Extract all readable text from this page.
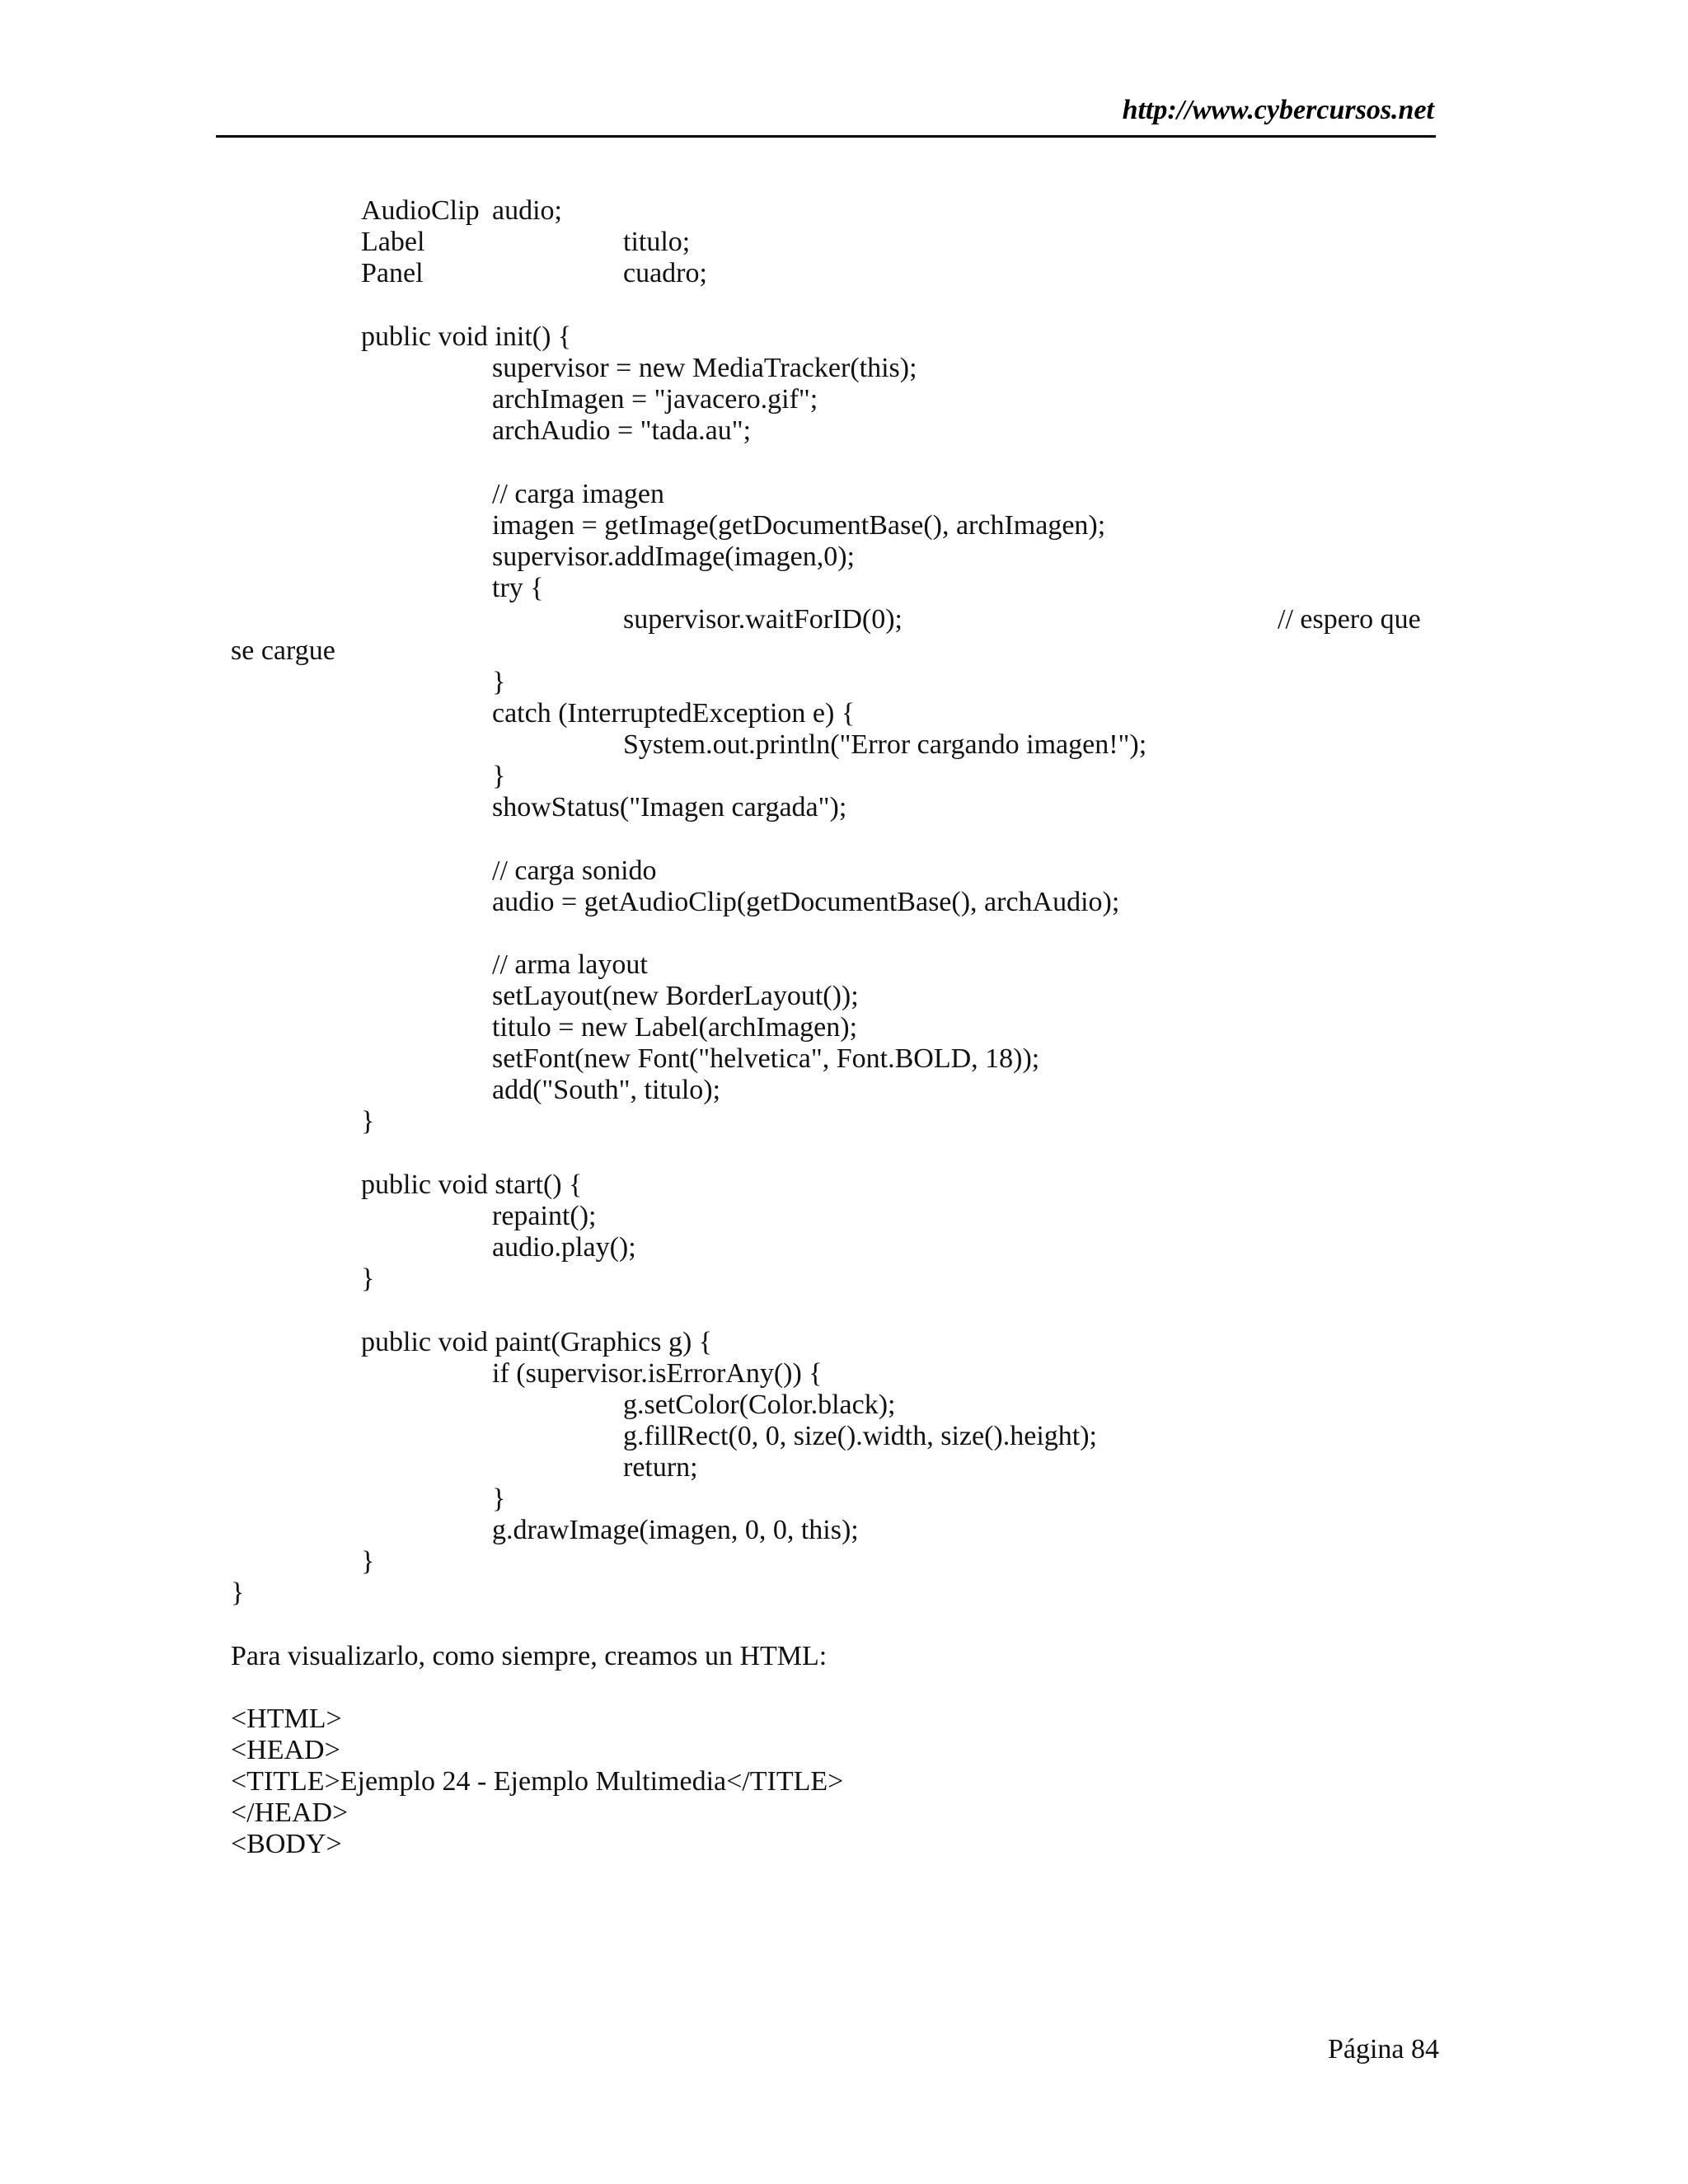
http://www.cybercursos.net
AudioClip audio;
Label	titulo;
Panel	cuadro;
public void init() {
supervisor = new MediaTracker(this);
archImagen = "javacero.gif";
archAudio = "tada.au";
// carga imagen
imagen = getImage(getDocumentBase(), archImagen);
supervisor.addImage(imagen,0);
try {
supervisor.waitForID(0);	// espero que
se cargue
}
catch (InterruptedException e) {
System.out.println("Error cargando imagen!");
}
showStatus("Imagen cargada");
// carga sonido
audio = getAudioClip(getDocumentBase(), archAudio);
// arma layout
setLayout(new BorderLayout());
titulo = new Label(archImagen);
setFont(new Font("helvetica", Font.BOLD, 18));
add("South", titulo);
}
public void start() {
repaint();
audio.play();
}
public void paint(Graphics g) {
if (supervisor.isErrorAny()) {
g.setColor(Color.black);
g.fillRect(0, 0, size().width, size().height);
return;
}
g.drawImage(imagen, 0, 0, this);
}
}
Para visualizarlo, como siempre, creamos un HTML:
<HTML>
<HEAD>
<TITLE>Ejemplo 24 - Ejemplo Multimedia</TITLE>
</HEAD>
<BODY>
Página 84
